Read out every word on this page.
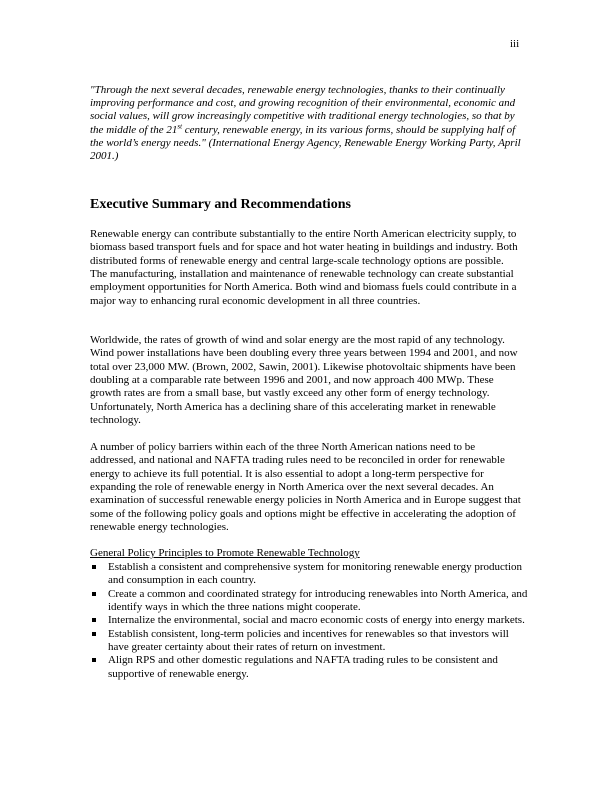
iii
"Through the next several decades, renewable energy technologies, thanks to their continually improving performance and cost, and growing recognition of their environmental, economic and social values, will grow increasingly competitive with traditional energy technologies, so that by the middle of the 21st century, renewable energy, in its various forms, should be supplying half of the world’s energy needs." (International Energy Agency, Renewable Energy Working Party, April 2001.)
Executive Summary and Recommendations

Renewable energy can contribute substantially to the entire North American electricity supply, to biomass based transport fuels and for space and hot water heating in buildings and industry. Both distributed forms of renewable energy and central large-scale technology options are possible. The manufacturing, installation and maintenance of renewable technology can create substantial employment opportunities for North America. Both wind and biomass fuels could contribute in a major way to enhancing rural economic development in all three countries.

Worldwide, the rates of growth of wind and solar energy are the most rapid of any technology. Wind power installations have been doubling every three years between 1994 and 2001, and now total over 23,000 MW. (Brown, 2002, Sawin, 2001). Likewise photovoltaic shipments have been doubling at a comparable rate between 1996 and 2001, and now approach 400 MWp. These growth rates are from a small base, but vastly exceed any other form of energy technology. Unfortunately, North America has a declining share of this accelerating market in renewable technology.

A number of policy barriers within each of the three North American nations need to be addressed, and national and NAFTA trading rules need to be reconciled in order for renewable energy to achieve its full potential. It is also essential to adopt a long-term perspective for expanding the role of renewable energy in North America over the next several decades. An examination of successful renewable energy policies in North America and in Europe suggest that some of the following policy goals and options might be effective in accelerating the adoption of renewable energy technologies.

General Policy Principles to Promote Renewable Technology
Establish a consistent and comprehensive system for monitoring renewable energy production and consumption in each country.
Create a common and coordinated strategy for introducing renewables into North America, and identify ways in which the three nations might cooperate.
Internalize the environmental, social and macro economic costs of energy into energy markets.
Establish consistent, long-term policies and incentives for renewables so that investors will have greater certainty about their rates of return on investment.
Align RPS and other domestic regulations and NAFTA trading rules to be consistent and supportive of renewable energy.
